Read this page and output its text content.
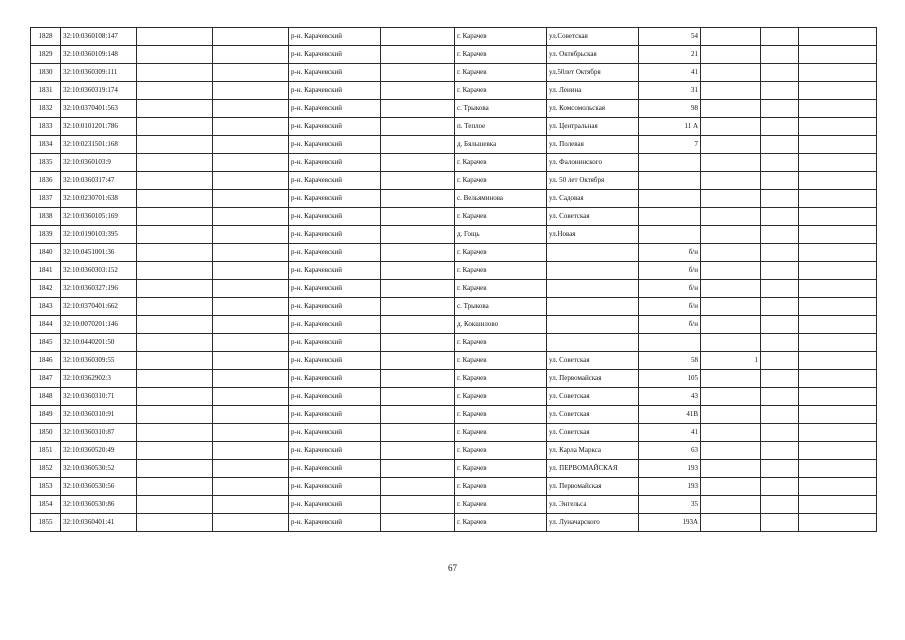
1828	32:10:0360108:147			р-н. Карачевский		г. Карачев	ул.Советская	54			
1829	32:10:0360109:148			р-н. Карачевский		г. Карачев	ул. Октябрьская	21			
1830	32:10:0360309:111			р-н. Карачевский		г. Карачев	ул.50лет Октября	41			
1831	32:10:0360319:174			р-н. Карачевский		г. Карачев	ул. Ленина	31			
1832	32:10:0370401:563			р-н. Карачевский		с. Трыкова	ул. Комсомольская	98			
1833	32:10:0101201:786			р-н. Карачевский		п. Теплое	ул. Центральная	11 А			
1834	32:10:0231501:168			р-н. Карачевский		д. Бяльшевка	ул. Полевая	7			
1835	32:10:0360103:9			р-н. Карачевский		г. Карачев	ул. Фалонинского				
1836	32:10:0360317:47			р-н. Карачевский		г. Карачев	ул. 50 лет Октября				
1837	32:10:0230701:638			р-н. Карачевский		с. Вельяминова	ул. Садовая				
1838	32:10:0360105:169			р-н. Карачевский		г. Карачев	ул. Советская				
1839	32:10:0190103:395			р-н. Карачевский		д. Гощь	ул.Новая				
1840	32:10:0451001:36			р-н. Карачевский		г. Карачев		б/н			
1841	32:10:0360303:152			р-н. Карачевский		г. Карачев		б/н			
1842	32:10:0360327:196			р-н. Карачевский		г. Карачев		б/н			
1843	32:10:0370401:662			р-н. Карачевский		с. Трыкова		б/н			
1844	32:10:0070201:146			р-н. Карачевский		д. Кокшилово		б/н			
1845	32:10:0440201:50			р-н. Карачевский		г. Карачев					
1846	32:10:0360309:55			р-н. Карачевский		г. Карачев	ул. Советская	58	1		
1847	32:10:0362902:3			р-н. Карачевский		г. Карачев	ул. Первомайская	105			
1848	32:10:0360310:71			р-н. Карачевский		г. Карачев	ул. Советская	43			
1849	32:10:0360310:91			р-н. Карачевский		г. Карачев	ул. Советская	41В			
1850	32:10:0360310:87			р-н. Карачевский		г. Карачев	ул. Советская	41			
1851	32:10:0360520:49			р-н. Карачевский		г. Карачев	ул. Карла Маркса	63			
1852	32:10:0360530:52			р-н. Карачевский		г. Карачев	ул. ПЕРВОМАЙСКАЯ	193			
1853	32:10:0360530:56			р-н. Карачевский		г. Карачев	ул. Первомайская	193			
1854	32:10:0360530:86			р-н. Карачевский		г. Карачев	ул. Энгельса	35			
1855	32:10:0360401:41			р-н. Карачевский		г. Карачев	ул. Луначарского	193А			
67
